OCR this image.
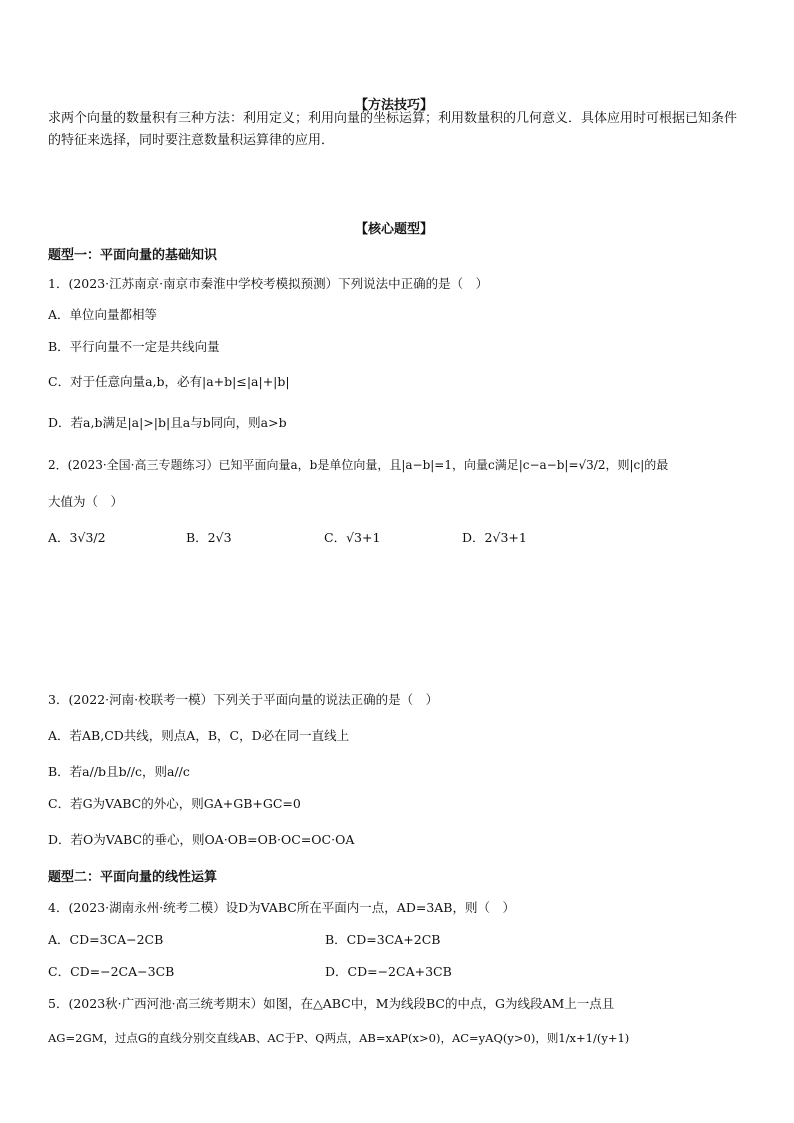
【方法技巧】
求两个向量的数量积有三种方法：利用定义；利用向量的坐标运算；利用数量积的几何意义．具体应用时可根据已知条件的特征来选择，同时要注意数量积运算律的应用．
【核心题型】
题型一：平面向量的基础知识
1．(2023·江苏南京·南京市秦淮中学校考模拟预测）下列说法中正确的是（　）
A．单位向量都相等
B．平行向量不一定是共线向量
C．对于任意向量a,b，必有|a+b|≤|a|+|b|
D．若a,b满足|a|>|b|且a与b同向，则a>b
2．(2023·全国·高三专题练习）已知平面向量a，b是单位向量，且|a−b|=1，向量c满足|c−a−b|=√3/2，则|c|的最
大值为（　）
A．3√3/2	B．2√3	C．√3+1	D．2√3+1
3．(2022·河南·校联考一模）下列关于平面向量的说法正确的是（　）
A．若AB,CD共线，则点A，B，C，D必在同一直线上
B．若a//b且b//c，则a//c
C．若G为VABC的外心，则GA+GB+GC=0
D．若O为VABC的垂心，则OA·OB=OB·OC=OC·OA
题型二：平面向量的线性运算
4．(2023·湖南永州·统考二模）设D为VABC所在平面内一点，AD=3AB，则（　）
A．CD=3CA−2CB	B．CD=3CA+2CB
C．CD=−2CA−3CB	D．CD=−2CA+3CB
5．(2023秋·广西河池·高三统考期末）如图，在△ABC中，M为线段BC的中点，G为线段AM上一点且
AG=2GM，过点G的直线分别交直线AB、AC于P、Q两点，AB=xAP(x>0)，AC=yAQ(y>0)，则1/x+1/(y+1)
